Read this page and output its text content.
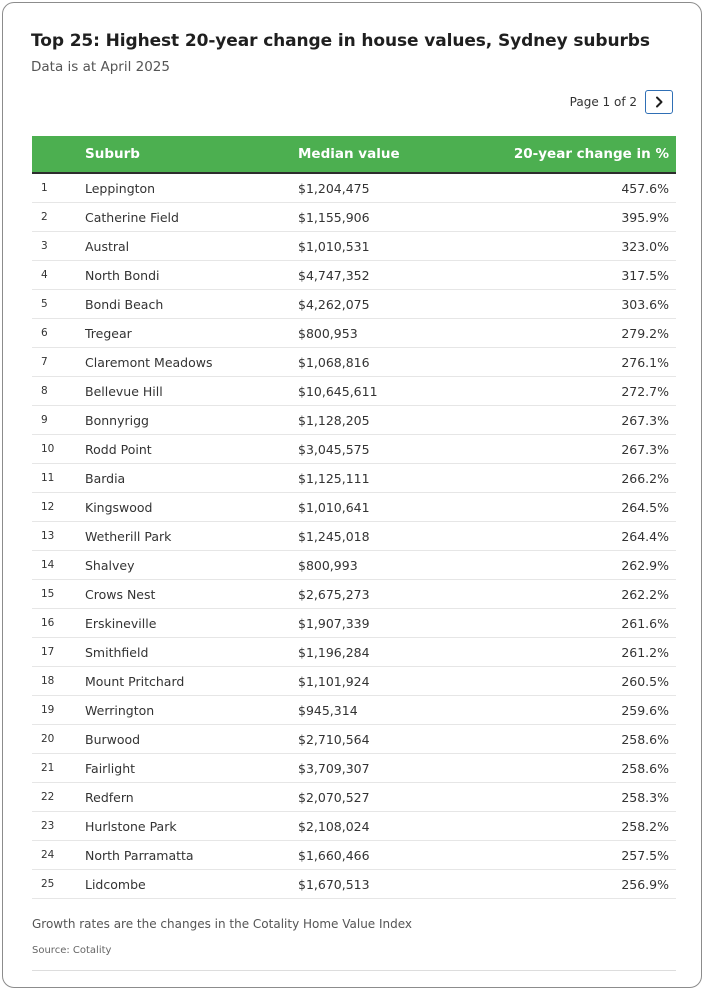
Top 25: Highest 20-year change in house values, Sydney suburbs

Data is at April 2025

Page 1 of 2
	Suburb	Median value	20-year change in %
1	Leppington	$1,204,475	457.6%
2	Catherine Field	$1,155,906	395.9%
3	Austral	$1,010,531	323.0%
4	North Bondi	$4,747,352	317.5%
5	Bondi Beach	$4,262,075	303.6%
6	Tregear	$800,953	279.2%
7	Claremont Meadows	$1,068,816	276.1%
8	Bellevue Hill	$10,645,611	272.7%
9	Bonnyrigg	$1,128,205	267.3%
10	Rodd Point	$3,045,575	267.3%
11	Bardia	$1,125,111	266.2%
12	Kingswood	$1,010,641	264.5%
13	Wetherill Park	$1,245,018	264.4%
14	Shalvey	$800,993	262.9%
15	Crows Nest	$2,675,273	262.2%
16	Erskineville	$1,907,339	261.6%
17	Smithfield	$1,196,284	261.2%
18	Mount Pritchard	$1,101,924	260.5%
19	Werrington	$945,314	259.6%
20	Burwood	$2,710,564	258.6%
21	Fairlight	$3,709,307	258.6%
22	Redfern	$2,070,527	258.3%
23	Hurlstone Park	$2,108,024	258.2%
24	North Parramatta	$1,660,466	257.5%
25	Lidcombe	$1,670,513	256.9%

Growth rates are the changes in the Cotality Home Value Index

Source: Cotality
